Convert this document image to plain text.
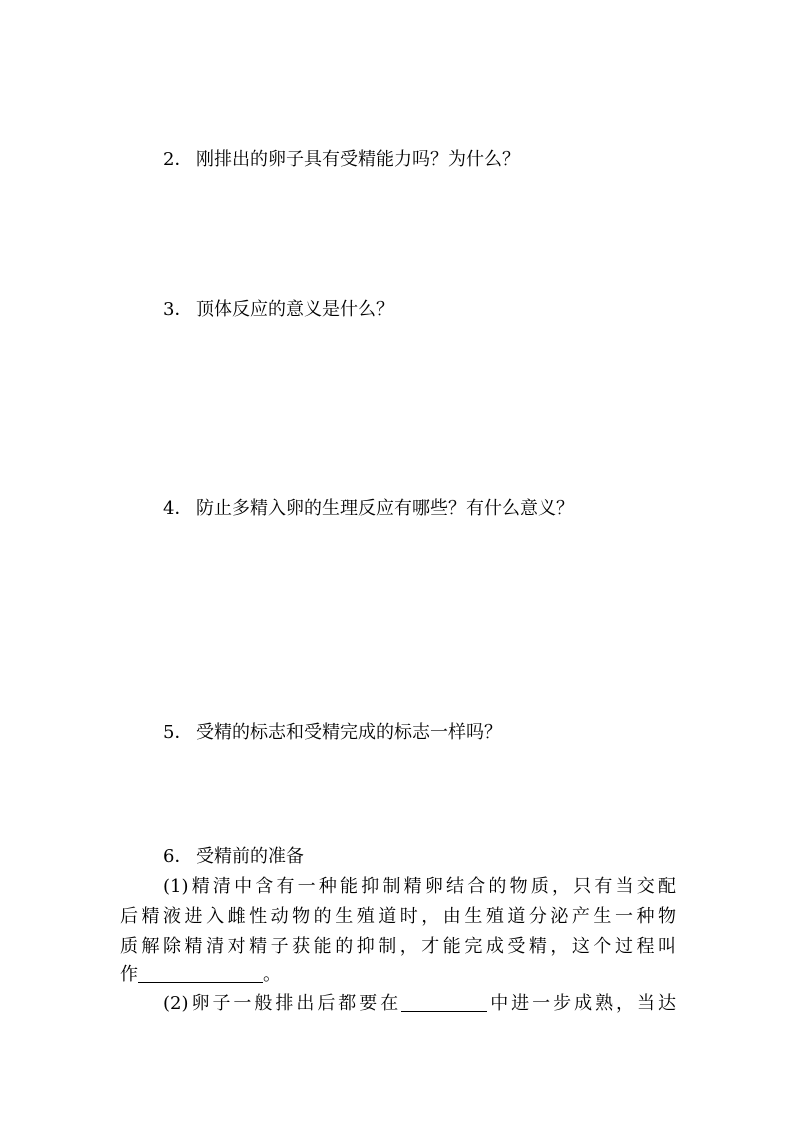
2． 刚排出的卵子具有受精能力吗？为什么？
3． 顶体反应的意义是什么？
4． 防止多精入卵的生理反应有哪些？有什么意义？
5． 受精的标志和受精完成的标志一样吗？
6． 受精前的准备
(1)精清中含有一种能抑制精卵结合的物质，只有当交配
后精液进入雌性动物的生殖道时，由生殖道分泌产生一种物
质解除精清对精子获能的抑制，才能完成受精，这个过程叫
作	。
(2)卵子一般排出后都要在	中进一步成熟，当达
